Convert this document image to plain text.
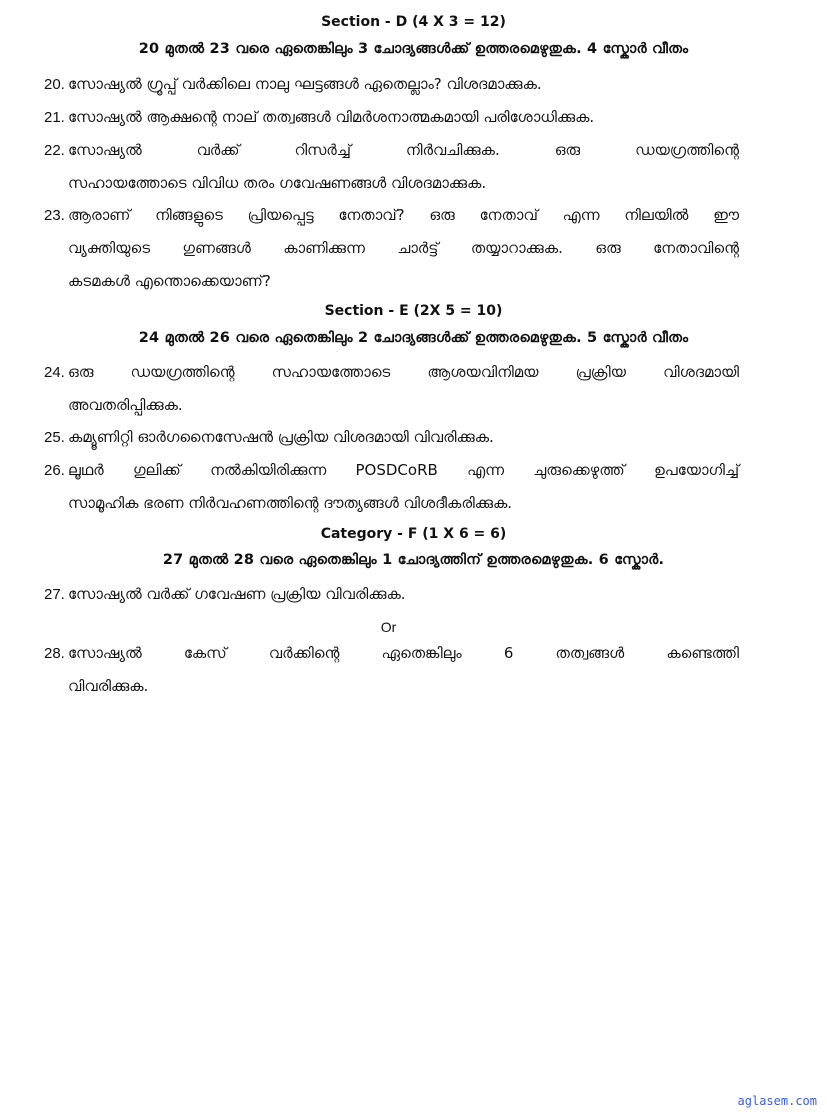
Section - D (4 X 3 = 12)

20 മുതൽ 23 വരെ ഏതെങ്കിലും 3 ചോദ്യങ്ങൾക്ക് ഉത്തരമെഴുതുക. 4 സ്കോർ വീതം

20. സോഷ്യൽ ഗ്രൂപ്പ് വർക്കിലെ നാലു ഘട്ടങ്ങൾ ഏതെല്ലാം? വിശദമാക്കുക.
21. സോഷ്യൽ ആക്ഷന്റെ നാല് തത്വങ്ങൾ വിമർശനാത്മകമായി പരിശോധിക്കുക.
22. സോഷ്യൽ വർക്ക് റിസർച്ച് നിർവചിക്കുക. ഒരു ഡയഗ്രത്തിന്റെ
സഹായത്തോടെ വിവിധ തരം ഗവേഷണങ്ങൾ വിശദമാക്കുക.
23. ആരാണ് നിങ്ങളുടെ പ്രിയപ്പെട്ട നേതാവ്? ഒരു നേതാവ് എന്ന നിലയിൽ ഈ
വ്യക്തിയുടെ ഗുണങ്ങൾ കാണിക്കുന്ന ചാർട്ട് തയ്യാറാക്കുക. ഒരു നേതാവിന്റെ
കടമകൾ എന്തൊക്കെയാണ്?

Section - E (2X 5 = 10)

24 മുതൽ 26 വരെ ഏതെങ്കിലും 2 ചോദ്യങ്ങൾക്ക് ഉത്തരമെഴുതുക. 5 സ്കോർ വീതം

24. ഒരു ഡയഗ്രത്തിന്റെ സഹായത്തോടെ ആശയവിനിമയ പ്രക്രിയ വിശദമായി
അവതരിപ്പിക്കുക.
25. കമ്യൂണിറ്റി ഓർഗനൈസേഷൻ പ്രക്രിയ വിശദമായി വിവരിക്കുക.
26. ലൂഥർ ഗുലിക്ക് നൽകിയിരിക്കുന്ന POSDCoRB എന്ന ചുരുക്കെഴുത്ത് ഉപയോഗിച്ച്
സാമൂഹിക ഭരണ നിർവഹണത്തിന്റെ ദൗത്യങ്ങൾ വിശദീകരിക്കുക.

Category - F (1 X 6 = 6)

27 മുതൽ 28 വരെ ഏതെങ്കിലും 1 ചോദ്യത്തിന് ഉത്തരമെഴുതുക. 6 സ്കോർ.

27. സോഷ്യൽ വർക്ക് ഗവേഷണ പ്രക്രിയ വിവരിക്കുക.

Or

28. സോഷ്യൽ കേസ് വർക്കിന്റെ ഏതെങ്കിലും 6 തത്വങ്ങൾ കണ്ടെത്തി
വിവരിക്കുക.
aglasem.com
